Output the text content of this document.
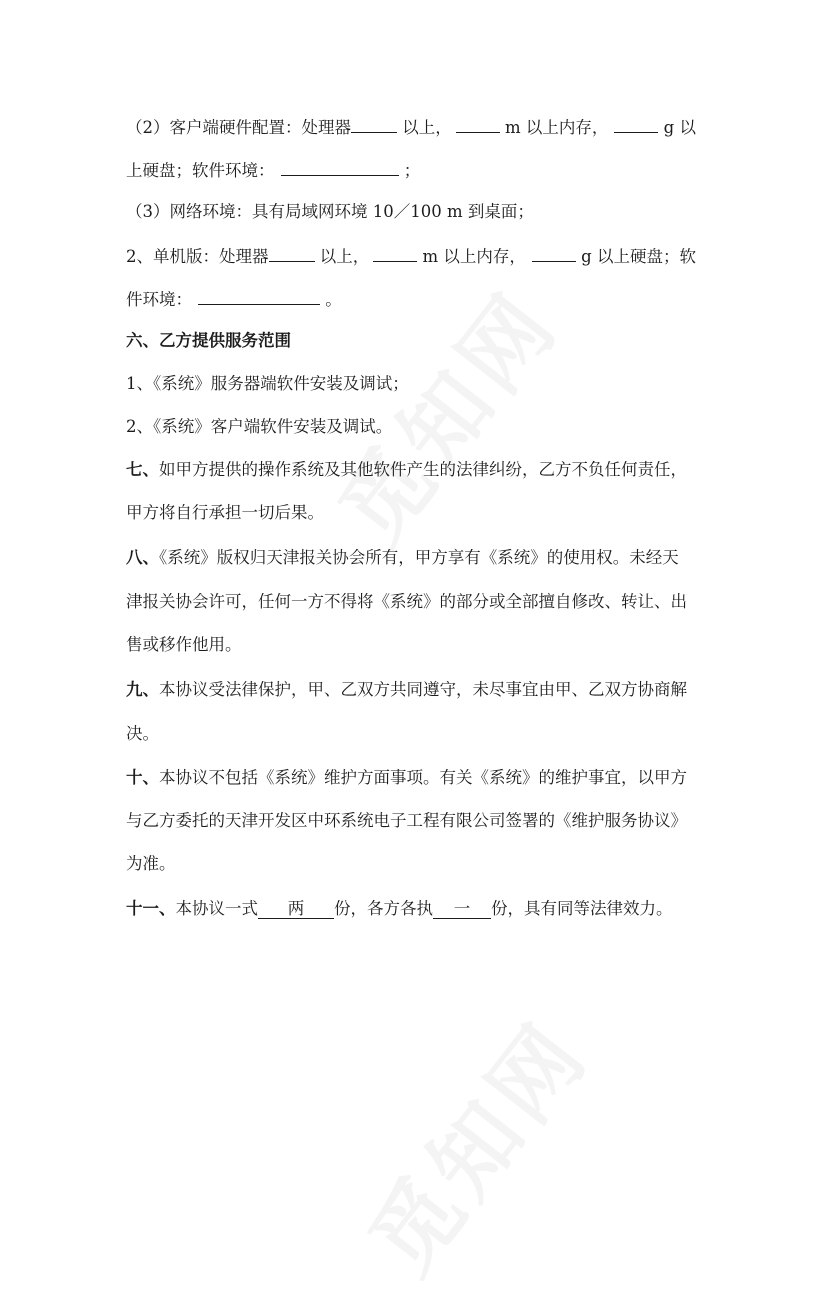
（2）客户端硬件配置：处理器	以上，	m 以上内存，	g 以
上硬盘；软件环境：	；
（3）网络环境：具有局域网环境 10／100 m 到桌面；
2、单机版：处理器	以上，	m 以上内存，	g 以上硬盘；软
件环境：	。
六、乙方提供服务范围
1、《系统》服务器端软件安装及调试；
2、《系统》客户端软件安装及调试。
七、如甲方提供的操作系统及其他软件产生的法律纠纷，乙方不负任何责任，
甲方将自行承担一切后果。
八、《系统》版权归天津报关协会所有，甲方享有《系统》的使用权。未经天
津报关协会许可，任何一方不得将《系统》的部分或全部擅自修改、转让、出
售或移作他用。
九、本协议受法律保护，甲、乙双方共同遵守，未尽事宜由甲、乙双方协商解
决。
十、本协议不包括《系统》维护方面事项。有关《系统》的维护事宜，以甲方
与乙方委托的天津开发区中环系统电子工程有限公司签署的《维护服务协议》
为准。
十一、本协议一式 两 份，各方各执 一 份，具有同等法律效力。
